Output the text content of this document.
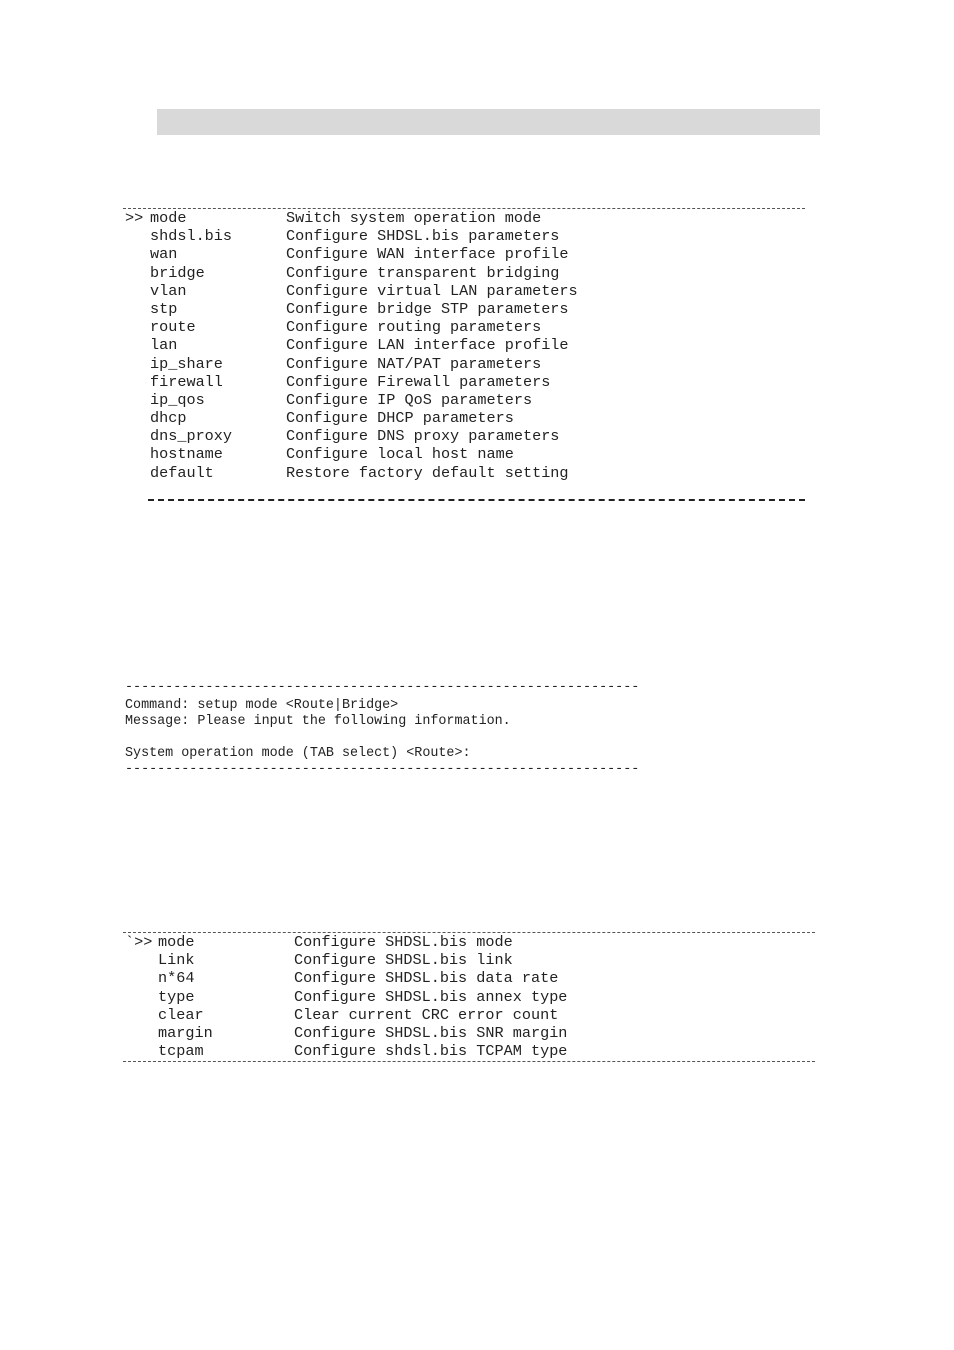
>> mode	Switch system operation mode
shdsl.bis	Configure SHDSL.bis parameters
wan	Configure WAN interface profile
bridge	Configure transparent bridging
vlan	Configure virtual LAN parameters
stp	Configure bridge STP parameters
route	Configure routing parameters
lan	Configure LAN interface profile
ip_share	Configure NAT/PAT parameters
firewall	Configure Firewall parameters
ip_qos	Configure IP QoS parameters
dhcp	Configure DHCP parameters
dns_proxy	Configure DNS proxy parameters
hostname	Configure local host name
default	Restore factory default setting

----------------------------------------------------------------

Command: setup mode <Route|Bridge>

Message: Please input the following information.

System operation mode (TAB select) <Route>:

----------------------------------------------------------------

`>> mode	Configure SHDSL.bis mode
Link	Configure SHDSL.bis link
n*64	Configure SHDSL.bis data rate
type	Configure SHDSL.bis annex type
clear	Clear current CRC error count
margin	Configure SHDSL.bis SNR margin
tcpam	Configure shdsl.bis TCPAM type
